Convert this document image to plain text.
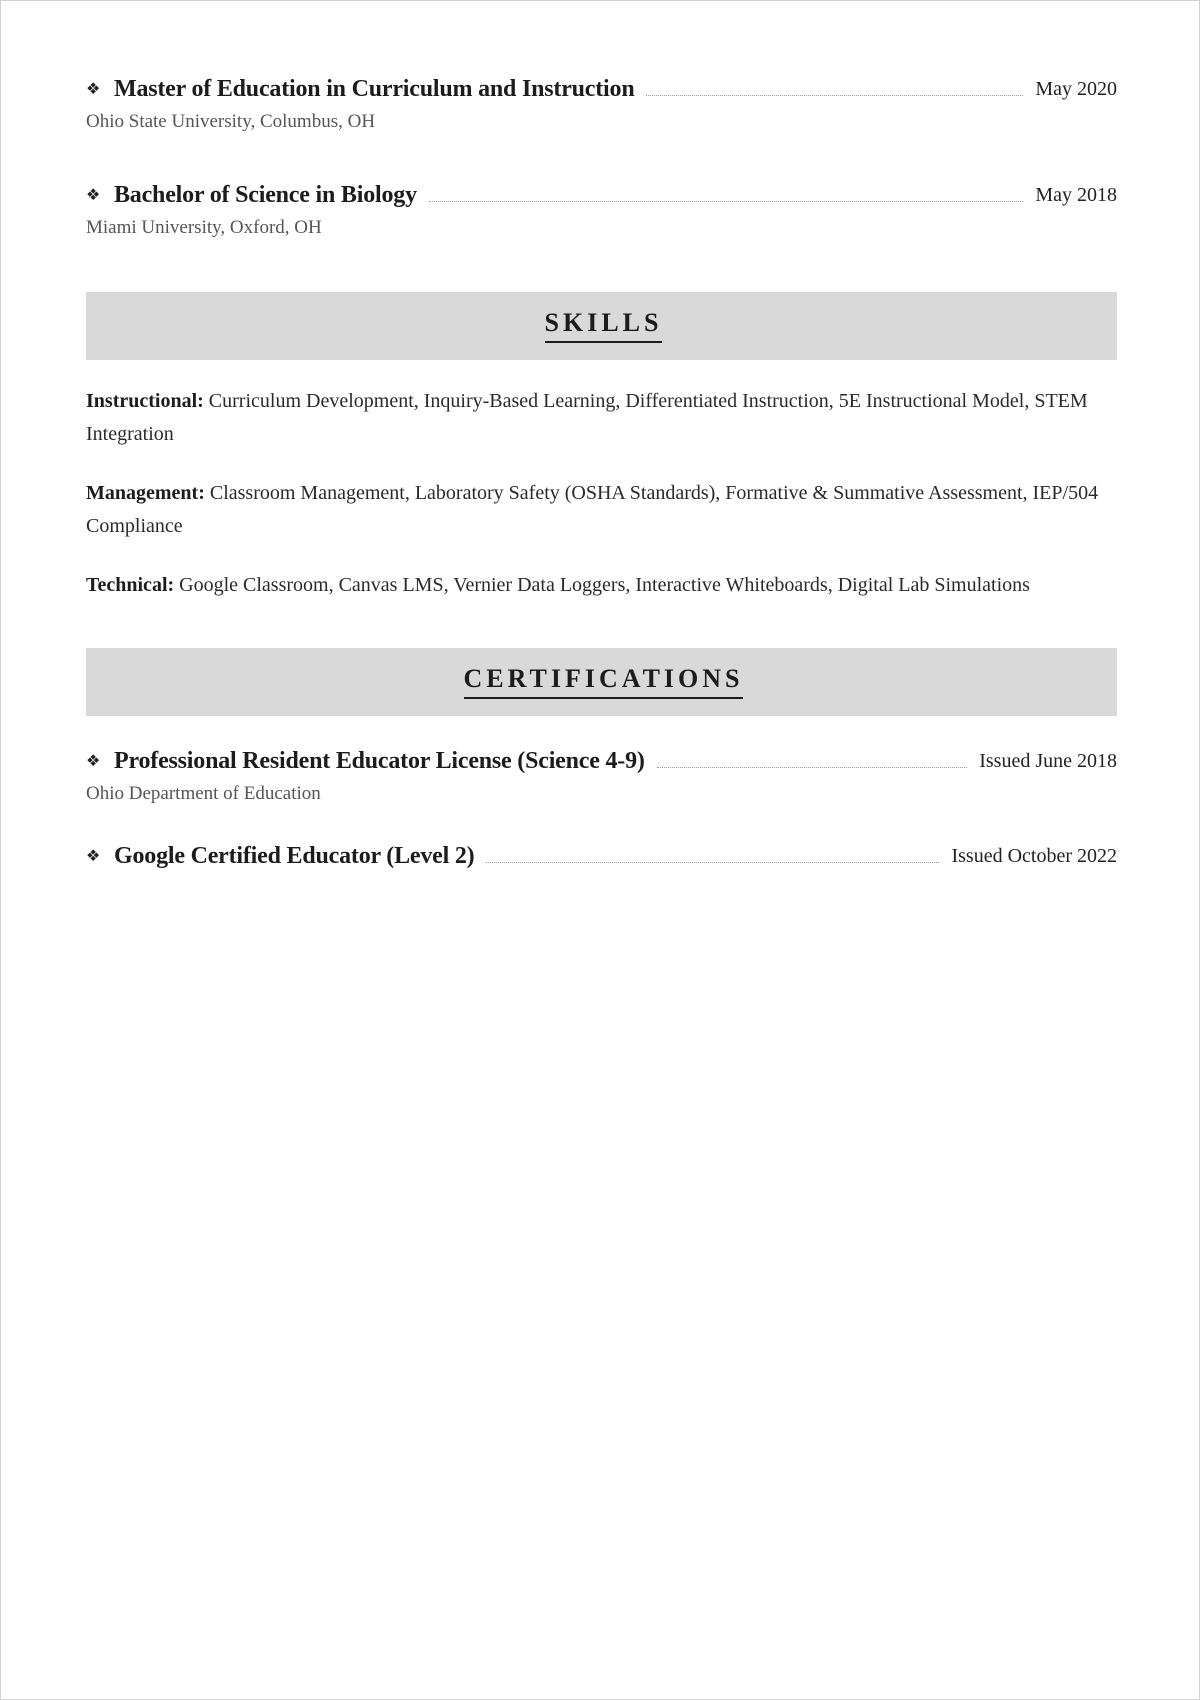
❖ Master of Education in Curriculum and Instruction	May 2020
Ohio State University, Columbus, OH
❖ Bachelor of Science in Biology	May 2018
Miami University, Oxford, OH
SKILLS
Instructional: Curriculum Development, Inquiry-Based Learning, Differentiated Instruction, 5E Instructional Model, STEM Integration
Management: Classroom Management, Laboratory Safety (OSHA Standards), Formative & Summative Assessment, IEP/504 Compliance
Technical: Google Classroom, Canvas LMS, Vernier Data Loggers, Interactive Whiteboards, Digital Lab Simulations
CERTIFICATIONS
❖ Professional Resident Educator License (Science 4-9)	Issued June 2018
Ohio Department of Education
❖ Google Certified Educator (Level 2)	Issued October 2022
